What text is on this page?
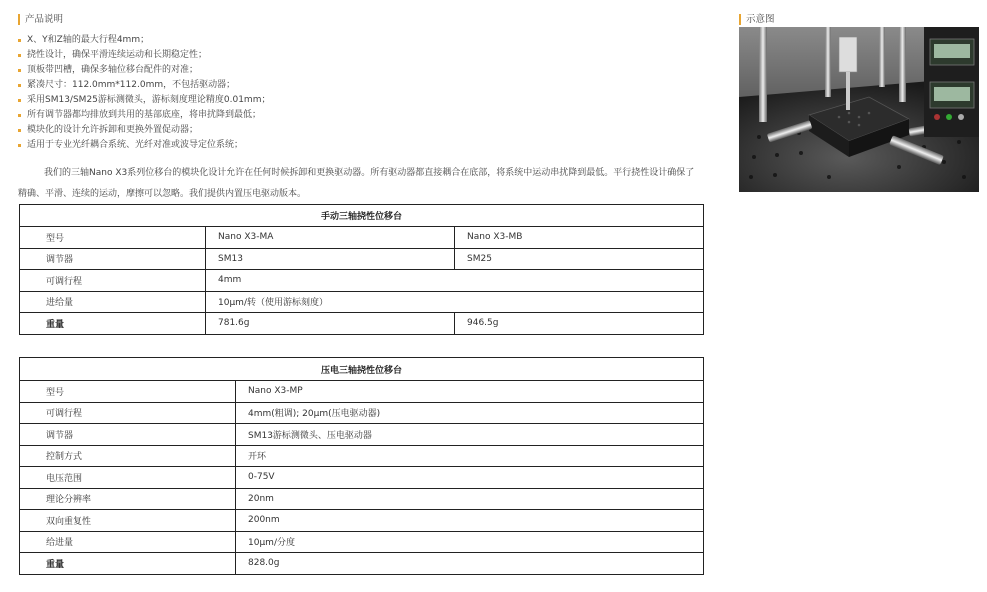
产品说明	示意图
X、Y和Z轴的最大行程4mm；
挠性设计，确保平滑连续运动和长期稳定性；
顶板带凹槽，确保多轴位移台配件的对准；
紧凑尺寸：112.0mm*112.0mm，不包括驱动器；
采用SM13/SM25游标测微头，游标刻度理论精度0.01mm；
所有调节器都均排放到共用的基部底座，将串扰降到最低；
模块化的设计允许拆卸和更换外置促动器；
适用于专业光纤耦合系统、光纤对准或波导定位系统；

我们的三轴Nano X3系列位移台的模块化设计允许在任何时候拆卸和更换驱动器。所有驱动器都直接耦合在底部，将系统中运动串扰降到最低。平行挠性设计确保了精确、平滑、连续的运动，摩擦可以忽略。我们提供内置压电驱动版本。

手动三轴挠性位移台		
型号	Nano X3-MA	Nano X3-MB
调节器	SM13	SM25
可调行程	4mm	
进给量	10μm/转（使用游标刻度）	
重量	781.6g	946.5g
压电三轴挠性位移台	
型号	Nano X3-MP
可调行程	4mm(粗调); 20μm(压电驱动器)
调节器	SM13游标测微头、压电驱动器
控制方式	开环
电压范围	0-75V
理论分辨率	20nm
双向重复性	200nm
给进量	10μm/分度
重量	828.0g
